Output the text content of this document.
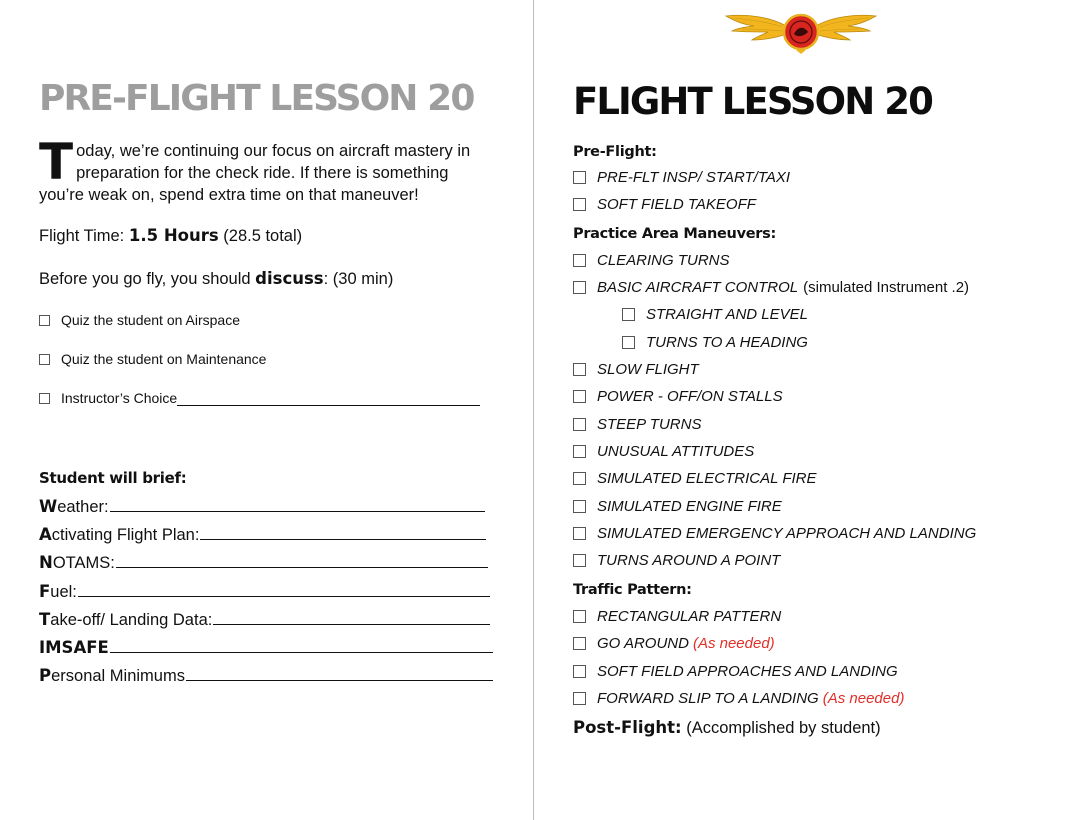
PRE-FLIGHT LESSON 20

Today, we’re continuing our focus on aircraft mastery in preparation for the check ride. If there is something you’re weak on, spend extra time on that maneuver!

Flight Time: 1.5 Hours (28.5 total)
Before you go fly, you should discuss: (30 min)
Quiz the student on Airspace
Quiz the student on Maintenance
Instructor’s Choice
Student will brief:
W eather:
A ctivating Flight Plan:
N OTAMS:
F uel:
T ake-off/ Landing Data:
IMSAFE
P ersonal Minimums
FLIGHT LESSON 20
Pre-Flight:
PRE-FLT INSP/ START/TAXI
SOFT FIELD TAKEOFF
Practice Area Maneuvers:
CLEARING TURNS
BASIC AIRCRAFT CONTROL (simulated Instrument .2)
STRAIGHT AND LEVEL
TURNS TO A HEADING
SLOW FLIGHT
POWER - OFF/ON STALLS
STEEP TURNS
UNUSUAL ATTITUDES
SIMULATED ELECTRICAL FIRE
SIMULATED ENGINE FIRE
SIMULATED EMERGENCY APPROACH AND LANDING
TURNS AROUND A POINT
Traffic Pattern:
RECTANGULAR PATTERN
GO AROUND (As needed)
SOFT FIELD APPROACHES AND LANDING
FORWARD SLIP TO A LANDING (As needed)
Post-Flight: (Accomplished by student)
